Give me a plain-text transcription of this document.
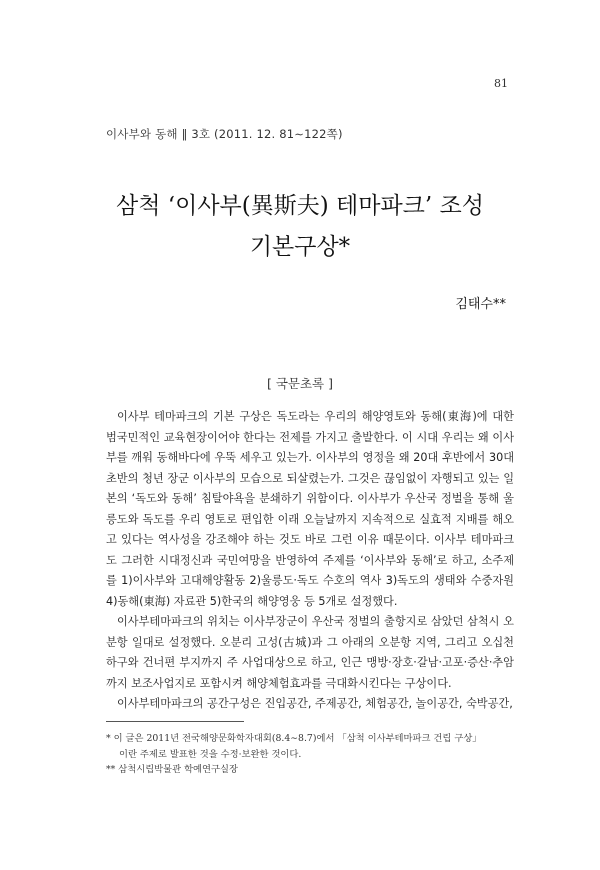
81
이사부와 동해 ‖ 3호 (2011. 12. 81∼122쪽)
삼척 ‘이사부(異斯夫) 테마파크’ 조성
기본구상*
김태수**
[ 국문초록 ]

이사부 테마파크의 기본 구상은 독도라는 우리의 해양영토와 동해(東海)에 대한 범국민적인 교육현장이어야 한다는 전제를 가지고 출발한다. 이 시대 우리는 왜 이사부를 깨워 동해바다에 우뚝 세우고 있는가. 이사부의 영정을 왜 20대 후반에서 30대 초반의 청년 장군 이사부의 모습으로 되살렸는가. 그것은 끊임없이 자행되고 있는 일본의 ‘독도와 동해’ 침탈야욕을 분쇄하기 위함이다. 이사부가 우산국 정벌을 통해 울릉도와 독도를 우리 영토로 편입한 이래 오늘날까지 지속적으로 실효적 지배를 해오고 있다는 역사성을 강조해야 하는 것도 바로 그런 이유 때문이다. 이사부 테마파크도 그러한 시대정신과 국민여망을 반영하여 주제를 ‘이사부와 동해’로 하고, 소주제를 1)이사부와 고대해양활동 2)울릉도·독도 수호의 역사 3)독도의 생태와 수중자원 4)동해(東海) 자료관 5)한국의 해양영웅 등 5개로 설정했다.

이사부테마파크의 위치는 이사부장군이 우산국 정벌의 출항지로 삼았던 삼척시 오분항 일대로 설정했다. 오분리 고성(古城)과 그 아래의 오분항 지역, 그리고 오십천 하구와 건너편 부지까지 주 사업대상으로 하고, 인근 맹방·장호·갈남·고포·증산·추암까지 보조사업지로 포함시켜 해양체험효과를 극대화시킨다는 구상이다.

이사부테마파크의 공간구성은 진입공간, 주제공간, 체험공간, 놀이공간, 숙박공간,

* 이 글은 2011년 전국해양문화학자대회(8.4∼8.7)에서 「삼척 이사부테마파크 건립 구상」
이란 주제로 발표한 것을 수정·보완한 것이다.
** 삼척시립박물관 학예연구실장
